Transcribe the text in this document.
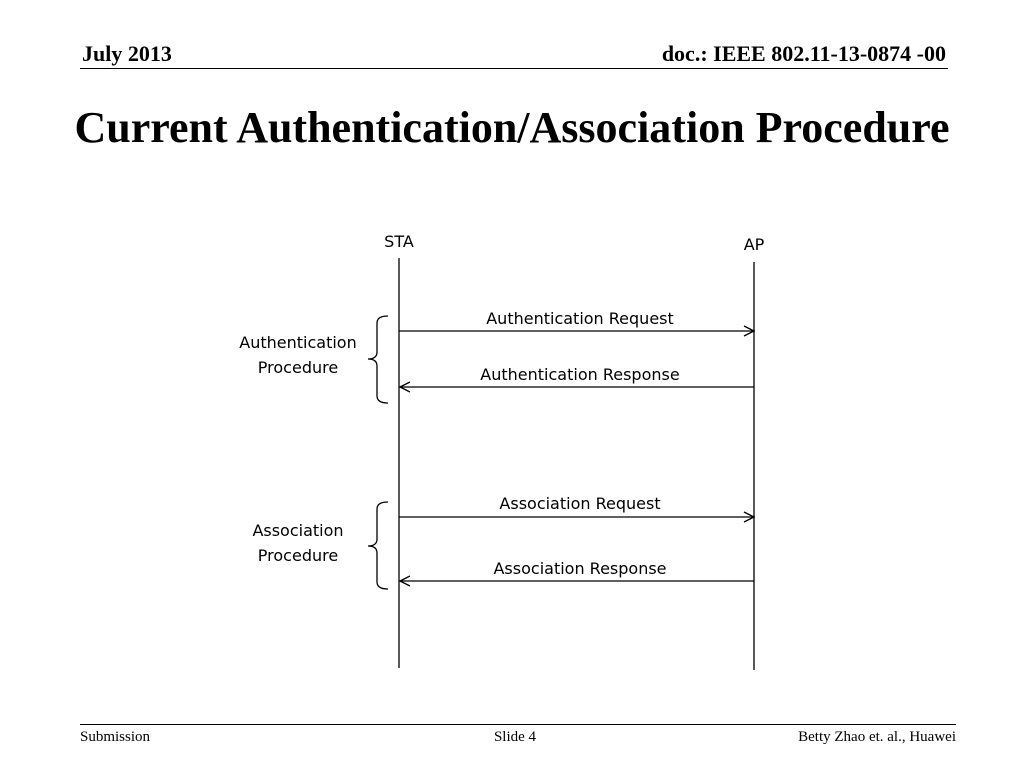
July 2013	doc.: IEEE 802.11-13-0874 -00
Current Authentication/Association Procedure
STA	AP
Authentication Request
Authentication Response
Association Request
Association Response
Authentication
Procedure
Association
Procedure
Submission	Slide 4	Betty Zhao et. al., Huawei
